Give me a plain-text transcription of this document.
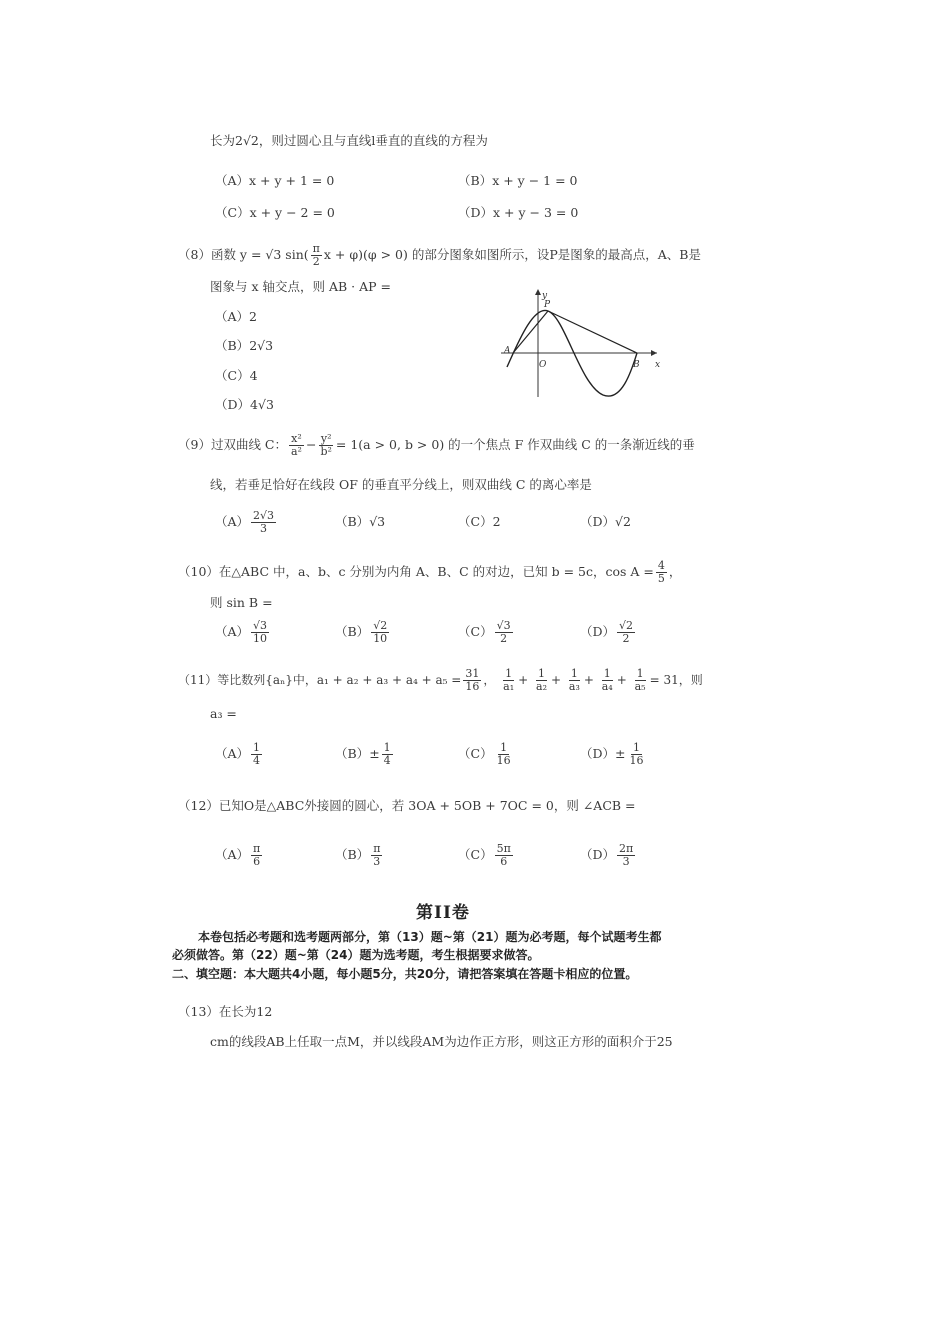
长为2√2，则过圆心且与直线l垂直的直线的方程为
（A）x + y + 1 = 0	（B）x + y − 1 = 0
（C）x + y − 2 = 0	（D）x + y − 3 = 0
（8）函数 y = √3 $\sin( \frac{\pi}{2}$ x + φ)(φ > 0) 的部分图象如图所示，设P是图象的最高点，A、B是
图象与 x 轴交点，则 AB · AP =
（A）2
（B）2√3
（C）4
（D）4√3
y
P
A
O	B x
（9）过双曲线 C： $\frac{\text{x²}}{\text{a²}} - \frac{\text{y²}}{\text{b²}} = 1(a > 0$, b > 0) 的一个焦点 F 作双曲线 C 的一条渐近线的垂
线，若垂足恰好在线段 OF 的垂直平分线上，则双曲线 C 的离心率是
$(A) \frac{2√3}{3}$	（B）√3	（C）2	（D）√2
（10）在△ABC 中，a、b、c 分别为内角 A、B、C 的对边，已知 b = 5c，$\cos A = \frac{4}{5}$ ，
则 sin B =
$(A) \frac{√3}{10}$	$(B) \frac{√2}{10}$	$(C) \frac{√3}{2}$	$(D) \frac{√2}{2}$
（11）等比数列{aₙ}中，$a_1 + a_2 + a_3 + a_4 + a_5 = \frac{31}{16}$ ， $\frac{1}{\text{a₁}} + \frac{1}{\text{a₂}} + \frac{1}{\text{a₃}} + \frac{1}{\text{a₄}} + \frac{1}{\text{a₅}} = 31$，则
a₃ =
$(A) \frac{1}{4}$	$(B)\pm \frac{1}{4}$	$(C) \frac{1}{16}$	$(D)\pm \frac{1}{16}$
（12）已知O是△ABC外接圆的圆心，若 3OA + 5OB + 7OC = 0，则 ∠ACB =
$(A) \frac{\pi}{6}$	$(B) \frac{\pi}{3}$	$(C) \frac{5\pi}{6}$	$(D) \frac{2\pi}{3}$
第II卷
本卷包括必考题和选考题两部分，第（13）题~第（21）题为必考题，每个试题考生都
必须做答。第（22）题~第（24）题为选考题，考生根据要求做答。
二、填空题：本大题共4小题，每小题5分，共20分，请把答案填在答题卡相应的位置。
（13）在长为12
cm的线段AB上任取一点M，并以线段AM为边作正方形，则这正方形的面积介于25
